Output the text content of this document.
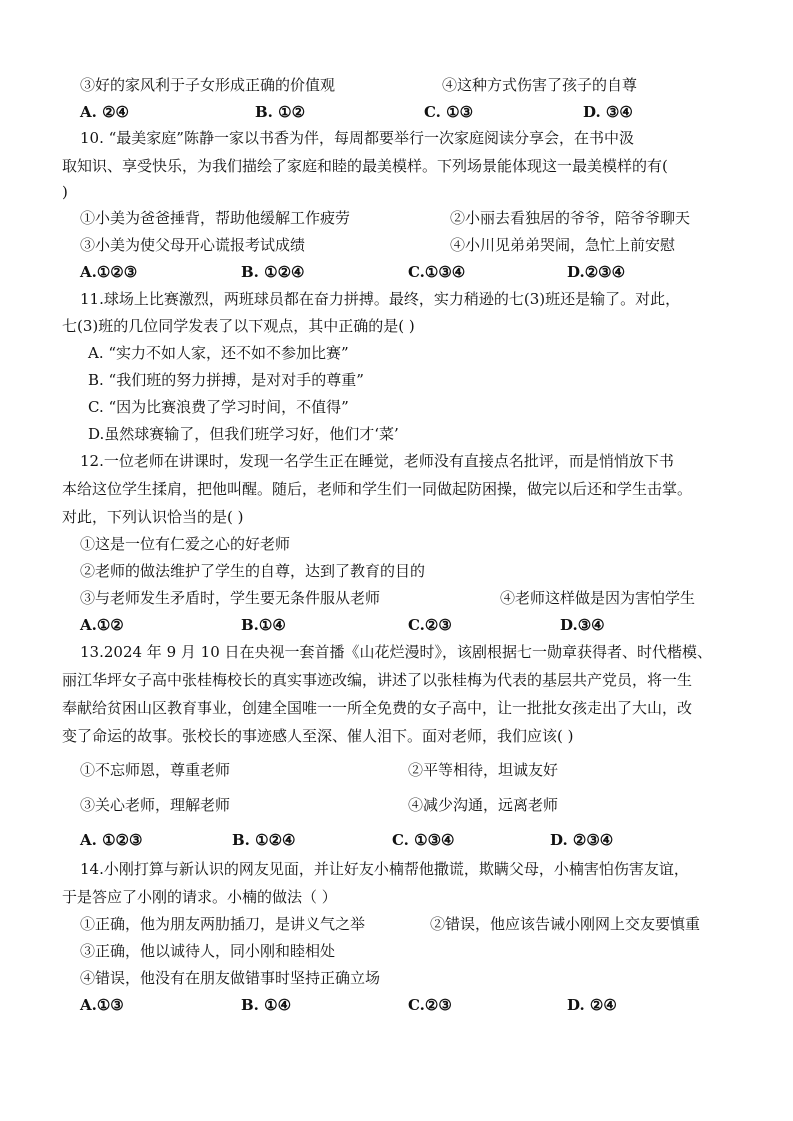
③好的家风利于子女形成正确的价值观	④这种方式伤害了孩子的自尊
A. ②④	B. ①②	C. ①③	D. ③④
10. “最美家庭”陈静一家以书香为伴，每周都要举行一次家庭阅读分享会，在书中汲
取知识、享受快乐，为我们描绘了家庭和睦的最美模样。下列场景能体现这一最美模样的有(
)
①小美为爸爸捶背，帮助他缓解工作疲劳	②小丽去看独居的爷爷，陪爷爷聊天
③小美为使父母开心谎报考试成绩	④小川见弟弟哭闹，急忙上前安慰
A.①②③	B. ①②④	C.①③④	D.②③④
11.球场上比赛激烈，两班球员都在奋力拼搏。最终，实力稍逊的七(3)班还是输了。对此，
七(3)班的几位同学发表了以下观点，其中正确的是( )
A. “实力不如人家，还不如不参加比赛”
B. “我们班的努力拼搏，是对对手的尊重”
C. “因为比赛浪费了学习时间，不值得”
D.虽然球赛输了，但我们班学习好，他们才‘菜’
12.一位老师在讲课时，发现一名学生正在睡觉，老师没有直接点名批评，而是悄悄放下书
本给这位学生揉肩，把他叫醒。随后，老师和学生们一同做起防困操，做完以后还和学生击掌。
对此，下列认识恰当的是( )
①这是一位有仁爱之心的好老师
②老师的做法维护了学生的自尊，达到了教育的目的
③与老师发生矛盾时，学生要无条件服从老师	④老师这样做是因为害怕学生
A.①②	B.①④	C.②③	D.③④
13.2024 年 9 月 10 日在央视一套首播《山花烂漫时》，该剧根据七一勋章获得者、时代楷模、
丽江华坪女子高中张桂梅校长的真实事迹改编，讲述了以张桂梅为代表的基层共产党员，将一生
奉献给贫困山区教育事业，创建全国唯一一所全免费的女子高中，让一批批女孩走出了大山，改
变了命运的故事。张校长的事迹感人至深、催人泪下。面对老师，我们应该( )
①不忘师恩，尊重老师	②平等相待，坦诚友好
③关心老师，理解老师	④减少沟通，远离老师
A. ①②③	B. ①②④	C. ①③④	D. ②③④
14.小刚打算与新认识的网友见面，并让好友小楠帮他撒谎，欺瞒父母，小楠害怕伤害友谊，
于是答应了小刚的请求。小楠的做法（ ）
①正确，他为朋友两肋插刀，是讲义气之举	②错误，他应该告诫小刚网上交友要慎重
③正确，他以诚待人，同小刚和睦相处
④错误，他没有在朋友做错事时坚持正确立场
A.①③	B. ①④	C.②③	D. ②④
